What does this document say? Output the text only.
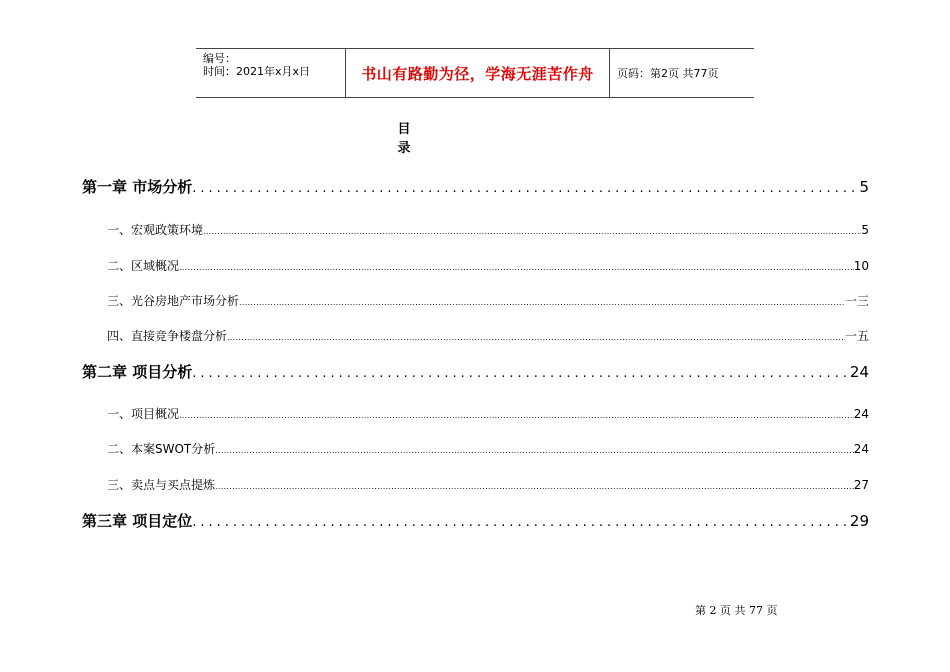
编号：
时间：2021年x月x日	书山有路勤为径，学海无涯苦作舟	页码：第2页 共77页
目 录
第一章 市场分析 .....	5
一、宏观政策环境 .....	5
二、区域概况 .....	10
三、光谷房地产市场分析 .....	一三
四、直接竞争楼盘分析 .....	一五
第二章 项目分析 .....	24
一、项目概况 .....	24
二、本案SWOT分析 .....	24
三、卖点与买点提炼 .....	27
第三章 项目定位 .....	29
第 2 页 共 77 页
